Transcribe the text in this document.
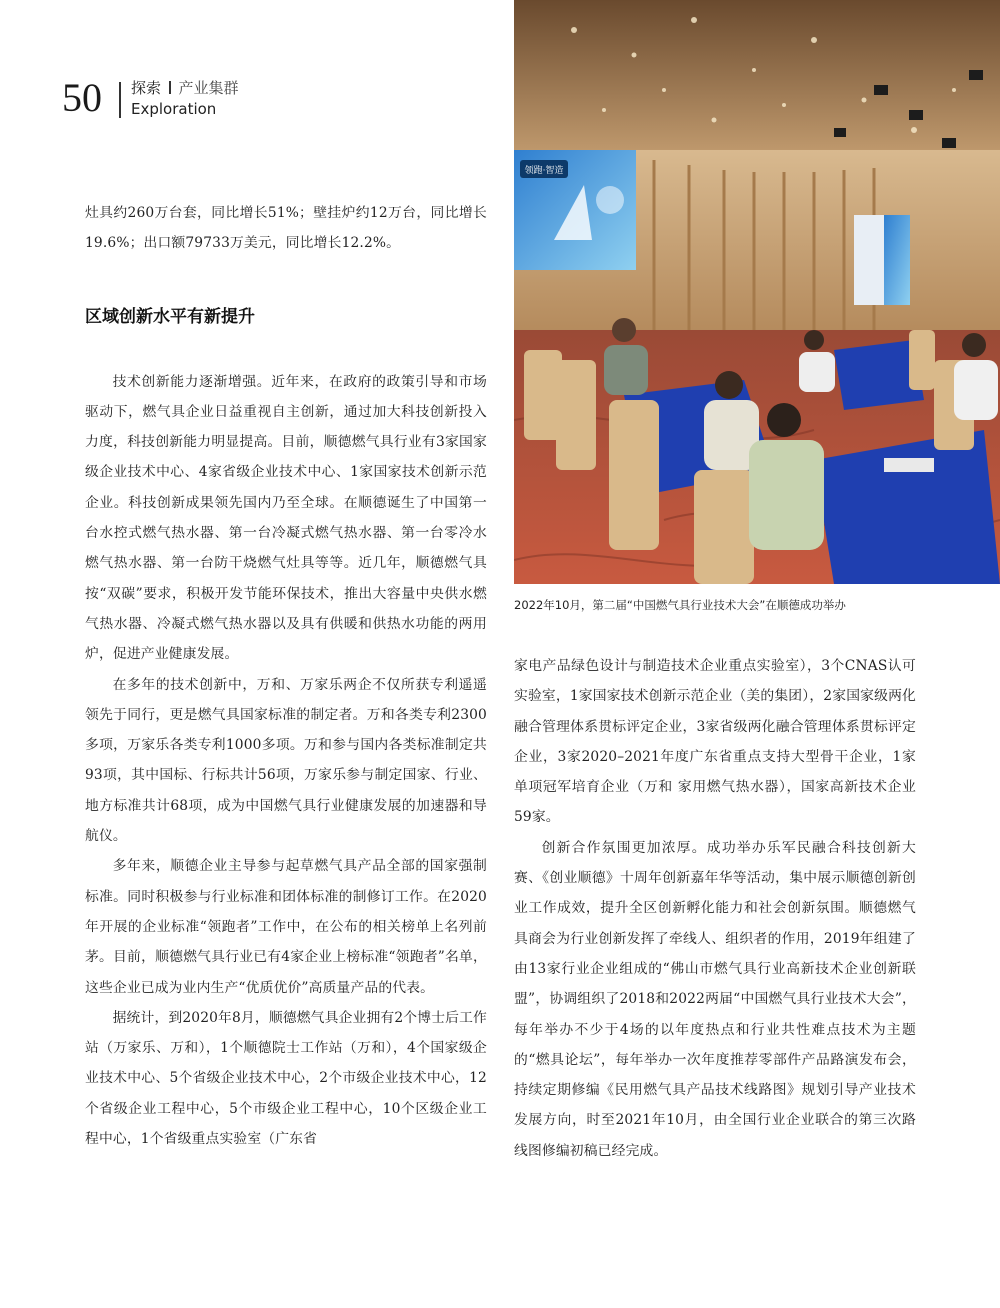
50 探索 产业集群
Exploration

灶具约260万台套，同比增长51%；壁挂炉约12万台，同比增长19.6%；出口额79733万美元，同比增长12.2%。

区域创新水平有新提升

技术创新能力逐渐增强。近年来，在政府的政策引导和市场驱动下，燃气具企业日益重视自主创新，通过加大科技创新投入力度，科技创新能力明显提高。目前，顺德燃气具行业有3家国家级企业技术中心、4家省级企业技术中心、1家国家技术创新示范企业。科技创新成果领先国内乃至全球。在顺德诞生了中国第一台水控式燃气热水器、第一台冷凝式燃气热水器、第一台零冷水燃气热水器、第一台防干烧燃气灶具等等。近几年，顺德燃气具按“双碳”要求，积极开发节能环保技术，推出大容量中央供水燃气热水器、冷凝式燃气热水器以及具有供暖和供热水功能的两用炉，促进产业健康发展。

在多年的技术创新中，万和、万家乐两企不仅所获专利遥遥领先于同行，更是燃气具国家标准的制定者。万和各类专利2300多项，万家乐各类专利1000多项。万和参与国内各类标准制定共93项，其中国标、行标共计56项，万家乐参与制定国家、行业、地方标准共计68项，成为中国燃气具行业健康发展的加速器和导航仪。

多年来，顺德企业主导参与起草燃气具产品全部的国家强制标准。同时积极参与行业标准和团体标准的制修订工作。在2020年开展的企业标准“领跑者”工作中，在公布的相关榜单上名列前茅。目前，顺德燃气具行业已有4家企业上榜标准“领跑者”名单，这些企业已成为业内生产“优质优价”高质量产品的代表。

据统计，到2020年8月，顺德燃气具企业拥有2个博士后工作站（万家乐、万和），1个顺德院士工作站（万和），4个国家级企业技术中心、5个省级企业技术中心，2个市级企业技术中心，12个省级企业工程中心，5个市级企业工程中心，10个区级企业工程中心，1个省级重点实验室（广东省

领跑·智造
2022年10月，第二届“中国燃气具行业技术大会”在顺德成功举办

家电产品绿色设计与制造技术企业重点实验室），3个CNAS认可实验室，1家国家技术创新示范企业（美的集团），2家国家级两化融合管理体系贯标评定企业，3家省级两化融合管理体系贯标评定企业，3家2020–2021年度广东省重点支持大型骨干企业，1家单项冠军培育企业（万和 家用燃气热水器），国家高新技术企业59家。

创新合作氛围更加浓厚。成功举办乐军民融合科技创新大赛、《创业顺德》十周年创新嘉年华等活动，集中展示顺德创新创业工作成效，提升全区创新孵化能力和社会创新氛围。顺德燃气具商会为行业创新发挥了牵线人、组织者的作用，2019年组建了由13家行业企业组成的“佛山市燃气具行业高新技术企业创新联盟”，协调组织了2018和2022两届“中国燃气具行业技术大会”，每年举办不少于4场的以年度热点和行业共性难点技术为主题的“燃具论坛”，每年举办一次年度推荐零部件产品路演发布会，持续定期修编《民用燃气具产品技术线路图》规划引导产业技术发展方向，时至2021年10月，由全国行业企业联合的第三次路线图修编初稿已经完成。
